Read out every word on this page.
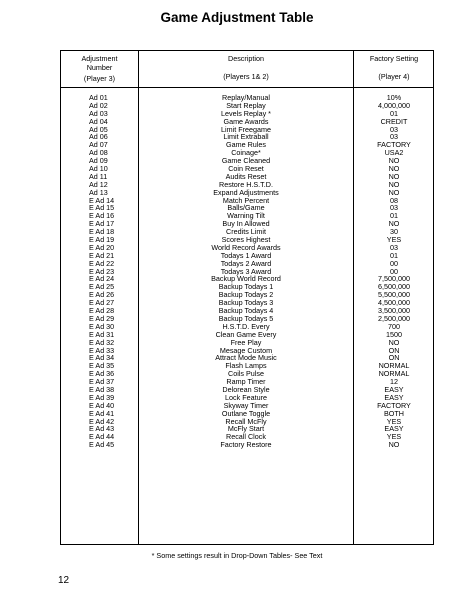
Game Adjustment Table
Adjustment
Number
(Player 3)
Description
(Players 1& 2)
Factory Setting
(Player 4)
Ad 01	Replay/Manual	10%
Ad 02	Start Replay	4,000,000
Ad 03	Levels Replay *	01
Ad 04	Game Awards	CREDIT
Ad 05	Limit Freegame	03
Ad 06	Limit Extraball	03
Ad 07	Game Rules	FACTORY
Ad 08	Coinage*	USA2
Ad 09	Game Cleaned	NO
Ad 10	Coin Reset	NO
Ad 11	Audits Reset	NO
Ad 12	Restore H.S.T.D.	NO
Ad 13	Expand Adjustments	NO
E Ad 14	Match Percent	08
E Ad 15	Balls/Game	03
E Ad 16	Warning Tilt	01
E Ad 17	Buy In Allowed	NO
E Ad 18	Credits Limit	30
E Ad 19	Scores Highest	YES
E Ad 20	World Record Awards	03
E Ad 21	Todays 1 Award	01
E Ad 22	Todays 2 Award	00
E Ad 23	Todays 3 Award	00
E Ad 24	Backup World Record	7,500,000
E Ad 25	Backup Todays 1	6,500,000
E Ad 26	Backup Todays 2	5,500,000
E Ad 27	Backup Todays 3	4,500,000
E Ad 28	Backup Todays 4	3,500,000
E Ad 29	Backup Todays 5	2,500,000
E Ad 30	H.S.T.D. Every	700
E Ad 31	Clean Game Every	1500
E Ad 32	Free Play	NO
E Ad 33	Mesage Custom	ON
E Ad 34	Attract Mode Music	ON
E Ad 35	Flash Lamps	NORMAL
E Ad 36	Coils Pulse	NORMAL
E Ad 37	Ramp Timer	12
E Ad 38	Delorean Style	EASY
E Ad 39	Lock Feature	EASY
E Ad 40	Skyway Timer	FACTORY
E Ad 41	Outlane Toggle	BOTH
E Ad 42	Recall McFly	YES
E Ad 43	McFly Start	EASY
E Ad 44	Recall Clock	YES
E Ad 45	Factory Restore	NO
* Some settings result in Drop-Down Tables- See Text
12
